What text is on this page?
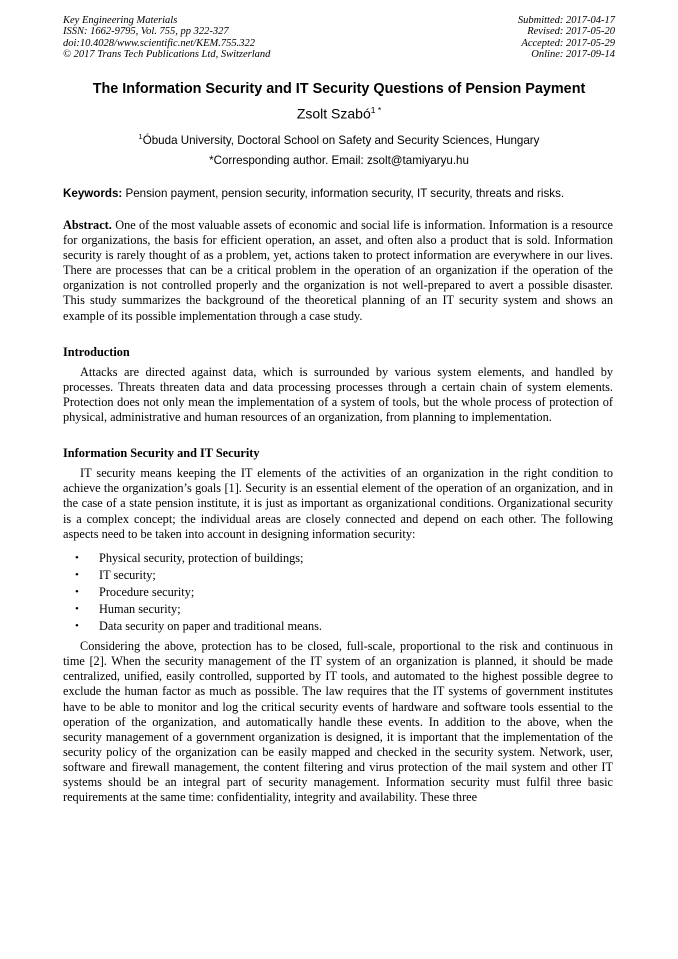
Key Engineering Materials
ISSN: 1662-9795, Vol. 755, pp 322-327
doi:10.4028/www.scientific.net/KEM.755.322
© 2017 Trans Tech Publications Ltd, Switzerland
Submitted: 2017-04-17
Revised: 2017-05-20
Accepted: 2017-05-29
Online: 2017-09-14
The Information Security and IT Security Questions of Pension Payment
Zsolt Szabó$^{1 *}$
$^1$Óbuda University, Doctoral School on Safety and Security Sciences, Hungary
*Corresponding author. Email: zsolt@tamiyaryu.hu
Keywords: Pension payment, pension security, information security, IT security, threats and risks.

Abstract. One of the most valuable assets of economic and social life is information. Information is a resource for organizations, the basis for efficient operation, an asset, and often also a product that is sold. Information security is rarely thought of as a problem, yet, actions taken to protect information are everywhere in our lives. There are processes that can be a critical problem in the operation of an organization if the operation of the organization is not controlled properly and the organization is not well-prepared to avert a possible disaster. This study summarizes the background of the theoretical planning of an IT security system and shows an example of its possible implementation through a case study.

Introduction

Attacks are directed against data, which is surrounded by various system elements, and handled by processes. Threats threaten data and data processing processes through a certain chain of system elements. Protection does not only mean the implementation of a system of tools, but the whole process of protection of physical, administrative and human resources of an organization, from planning to implementation.

Information Security and IT Security

IT security means keeping the IT elements of the activities of an organization in the right condition to achieve the organization’s goals [1]. Security is an essential element of the operation of an organization, and in the case of a state pension institute, it is just as important as organizational conditions. Organizational security is a complex concept; the individual areas are closely connected and depend on each other. The following aspects need to be taken into account in designing information security:

• Physical security, protection of buildings;
• IT security;
• Procedure security;
• Human security;
• Data security on paper and traditional means.

Considering the above, protection has to be closed, full-scale, proportional to the risk and continuous in time [2]. When the security management of the IT system of an organization is planned, it should be made centralized, unified, easily controlled, supported by IT tools, and automated to the highest possible degree to exclude the human factor as much as possible. The law requires that the IT systems of government institutes have to be able to monitor and log the critical security events of hardware and software tools essential to the operation of the organization, and automatically handle these events. In addition to the above, when the security management of a government organization is designed, it is important that the implementation of the security policy of the organization can be easily mapped and checked in the security system. Network, user, software and firewall management, the content filtering and virus protection of the mail system and other IT systems should be an integral part of security management. Information security must fulfil three basic requirements at the same time: confidentiality, integrity and availability. These three
